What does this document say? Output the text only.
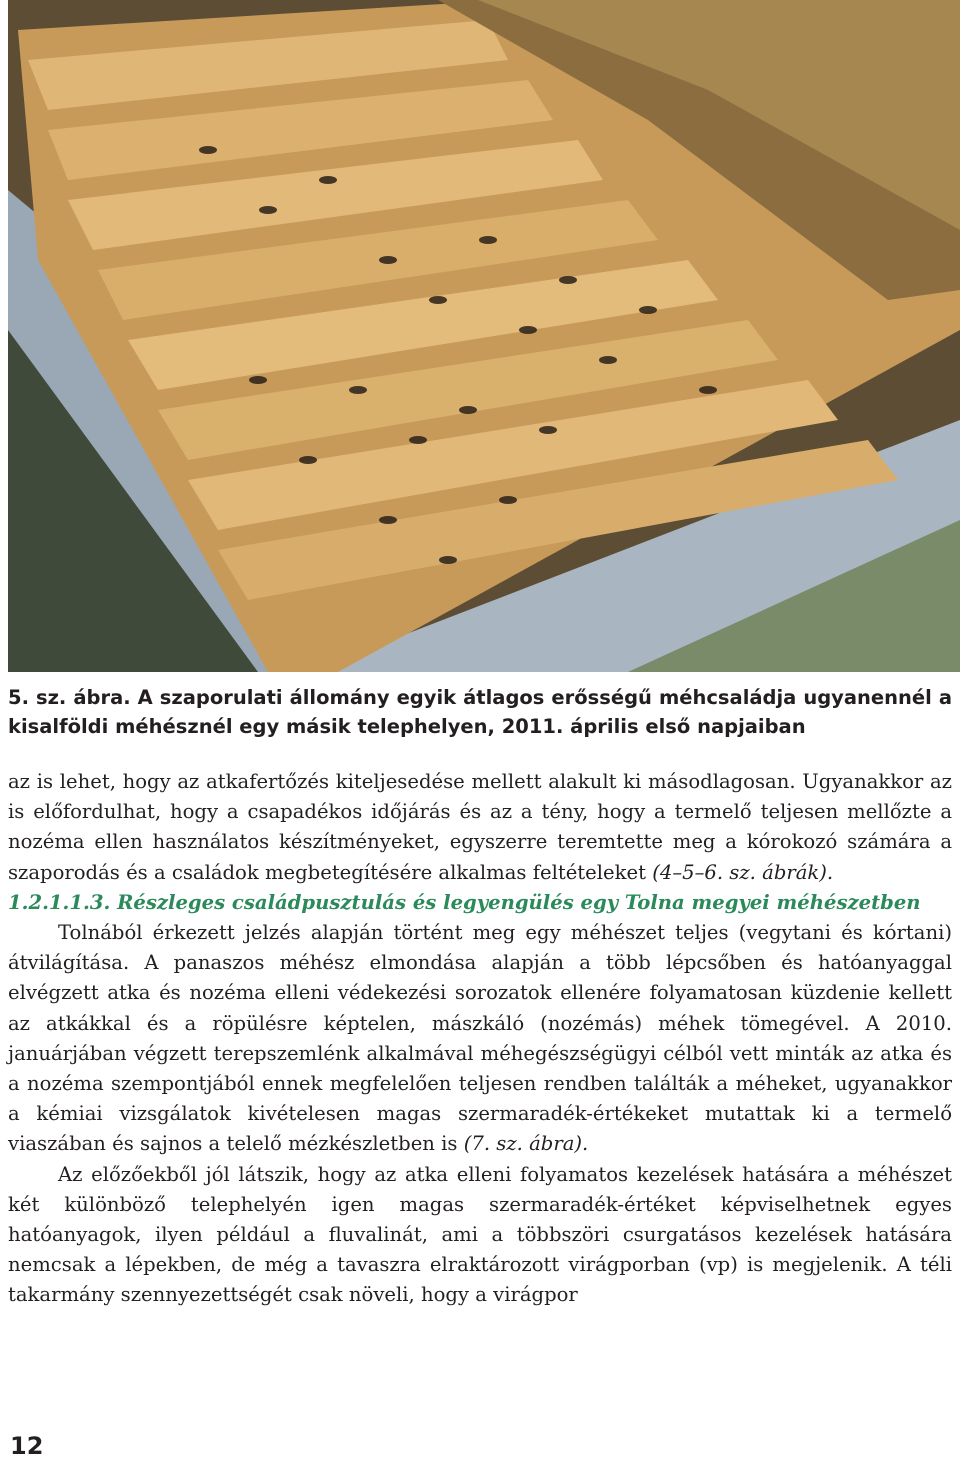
5. sz. ábra. A szaporulati állomány egyik átlagos erősségű méhcsaládja ugyanennél a kisalföldi méhésznél egy másik telephelyen, 2011. április első napjaiban

az is lehet, hogy az atkafertőzés kiteljesedése mellett alakult ki másodlagosan. Ugyanakkor az is előfordulhat, hogy a csapadékos időjárás és az a tény, hogy a termelő teljesen mellőzte a nozéma ellen használatos készítményeket, egyszerre teremtette meg a kórokozó számára a szaporodás és a családok megbetegítésére alkalmas feltételeket (4–5–6. sz. ábrák).

1.2.1.1.3. Részleges családpusztulás és legyengülés egy Tolna megyei méhészetben

Tolnából érkezett jelzés alapján történt meg egy méhészet teljes (vegytani és kórtani) átvilágítása. A panaszos méhész elmondása alapján a több lépcsőben és hatóanyaggal elvégzett atka és nozéma elleni védekezési sorozatok ellenére folyamatosan küzdenie kellett az atkákkal és a röpülésre képtelen, mászkáló (nozémás) méhek tömegével. A 2010. januárjában végzett terepszemlénk alkalmával méhegészségügyi célból vett minták az atka és a nozéma szempontjából ennek megfelelően teljesen rendben találták a méheket, ugyanakkor a kémiai vizsgálatok kivételesen magas szermaradék-értékeket mutattak ki a termelő viaszában és sajnos a telelő mézkészletben is (7. sz. ábra).

Az előzőekből jól látszik, hogy az atka elleni folyamatos kezelések hatására a méhészet két különböző telephelyén igen magas szermaradék-értéket képviselhetnek egyes hatóanyagok, ilyen például a fluvalinát, ami a többszöri csurgatásos kezelések hatására nemcsak a lépekben, de még a tavaszra elraktározott virágporban (vp) is megjelenik. A téli takarmány szennyezettségét csak növeli, hogy a virágpor

12
